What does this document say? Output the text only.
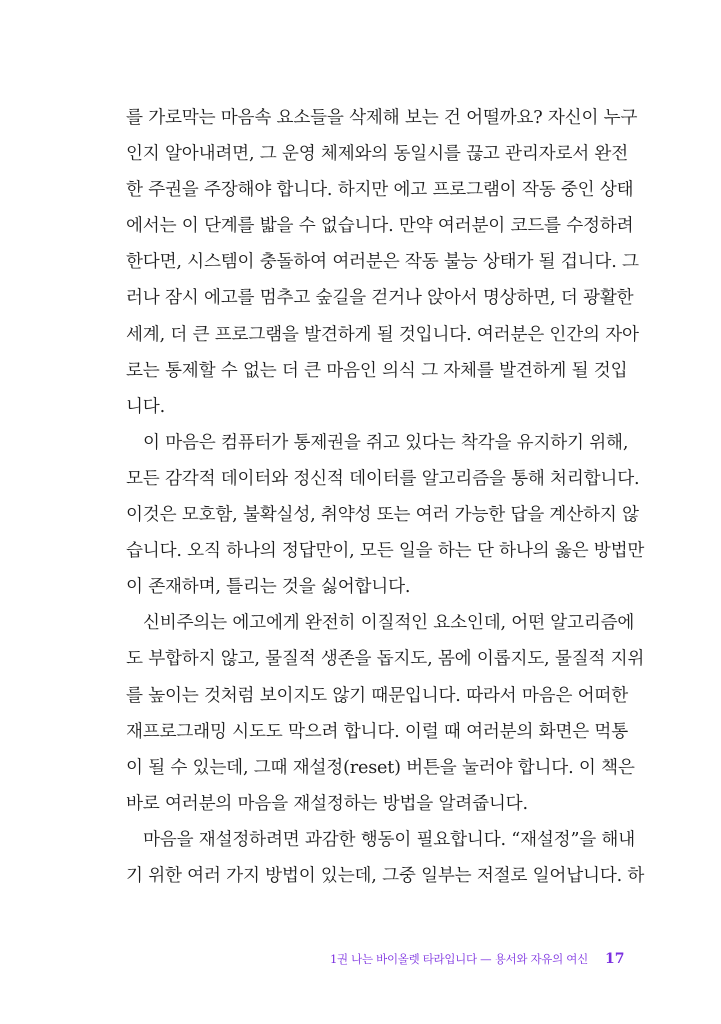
를 가로막는 마음속 요소들을 삭제해 보는 건 어떨까요? 자신이 누구
인지 알아내려면, 그 운영 체제와의 동일시를 끊고 관리자로서 완전
한 주권을 주장해야 합니다. 하지만 에고 프로그램이 작동 중인 상태
에서는 이 단계를 밟을 수 없습니다. 만약 여러분이 코드를 수정하려
한다면, 시스템이 충돌하여 여러분은 작동 불능 상태가 될 겁니다. 그
러나 잠시 에고를 멈추고 숲길을 걷거나 앉아서 명상하면, 더 광활한
세계, 더 큰 프로그램을 발견하게 될 것입니다. 여러분은 인간의 자아
로는 통제할 수 없는 더 큰 마음인 의식 그 자체를 발견하게 될 것입
니다.
이 마음은 컴퓨터가 통제권을 쥐고 있다는 착각을 유지하기 위해,
모든 감각적 데이터와 정신적 데이터를 알고리즘을 통해 처리합니다.
이것은 모호함, 불확실성, 취약성 또는 여러 가능한 답을 계산하지 않
습니다. 오직 하나의 정답만이, 모든 일을 하는 단 하나의 옳은 방법만
이 존재하며, 틀리는 것을 싫어합니다.
신비주의는 에고에게 완전히 이질적인 요소인데, 어떤 알고리즘에
도 부합하지 않고, 물질적 생존을 돕지도, 몸에 이롭지도, 물질적 지위
를 높이는 것처럼 보이지도 않기 때문입니다. 따라서 마음은 어떠한
재프로그래밍 시도도 막으려 합니다. 이럴 때 여러분의 화면은 먹통
이 될 수 있는데, 그때 재설정(reset) 버튼을 눌러야 합니다. 이 책은
바로 여러분의 마음을 재설정하는 방법을 알려줍니다.
마음을 재설정하려면 과감한 행동이 필요합니다. “재설정”을 해내
기 위한 여러 가지 방법이 있는데, 그중 일부는 저절로 일어납니다. 하
1권 나는 바이올렛 타라입니다 — 용서와 자유의 여신 17
